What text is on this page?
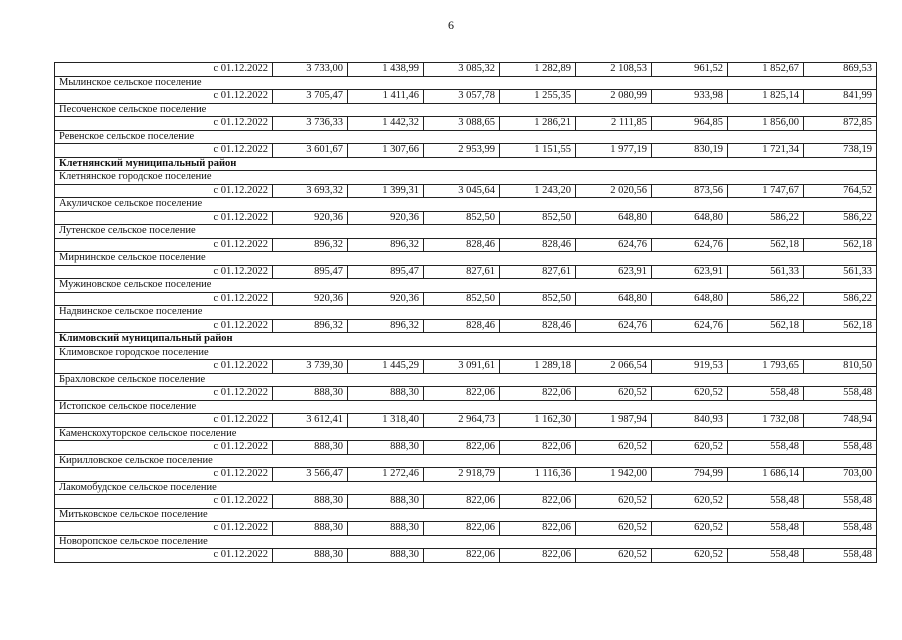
6
с 01.12.2022	3 733,00	1 438,99	3 085,32	1 282,89	2 108,53	961,52	1 852,67	869,53
Мылинское сельское поселение								
с 01.12.2022	3 705,47	1 411,46	3 057,78	1 255,35	2 080,99	933,98	1 825,14	841,99
Песоченское сельское поселение								
с 01.12.2022	3 736,33	1 442,32	3 088,65	1 286,21	2 111,85	964,85	1 856,00	872,85
Ревенское сельское поселение								
с 01.12.2022	3 601,67	1 307,66	2 953,99	1 151,55	1 977,19	830,19	1 721,34	738,19
Клетнянский муниципальный район								
Клетнянское городское поселение								
с 01.12.2022	3 693,32	1 399,31	3 045,64	1 243,20	2 020,56	873,56	1 747,67	764,52
Акуличское сельское поселение								
с 01.12.2022	920,36	920,36	852,50	852,50	648,80	648,80	586,22	586,22
Лутенское сельское поселение								
с 01.12.2022	896,32	896,32	828,46	828,46	624,76	624,76	562,18	562,18
Мирнинское сельское поселение								
с 01.12.2022	895,47	895,47	827,61	827,61	623,91	623,91	561,33	561,33
Мужиновское сельское поселение								
с 01.12.2022	920,36	920,36	852,50	852,50	648,80	648,80	586,22	586,22
Надвинское сельское поселение								
с 01.12.2022	896,32	896,32	828,46	828,46	624,76	624,76	562,18	562,18
Климовский муниципальный район								
Климовское городское поселение								
с 01.12.2022	3 739,30	1 445,29	3 091,61	1 289,18	2 066,54	919,53	1 793,65	810,50
Брахловское сельское поселение								
с 01.12.2022	888,30	888,30	822,06	822,06	620,52	620,52	558,48	558,48
Истопское сельское поселение								
с 01.12.2022	3 612,41	1 318,40	2 964,73	1 162,30	1 987,94	840,93	1 732,08	748,94
Каменскохуторское сельское поселение								
с 01.12.2022	888,30	888,30	822,06	822,06	620,52	620,52	558,48	558,48
Кирилловское сельское поселение								
с 01.12.2022	3 566,47	1 272,46	2 918,79	1 116,36	1 942,00	794,99	1 686,14	703,00
Лакомобудское сельское поселение								
с 01.12.2022	888,30	888,30	822,06	822,06	620,52	620,52	558,48	558,48
Митьковское сельское поселение								
с 01.12.2022	888,30	888,30	822,06	822,06	620,52	620,52	558,48	558,48
Новоропское сельское поселение								
с 01.12.2022	888,30	888,30	822,06	822,06	620,52	620,52	558,48	558,48
